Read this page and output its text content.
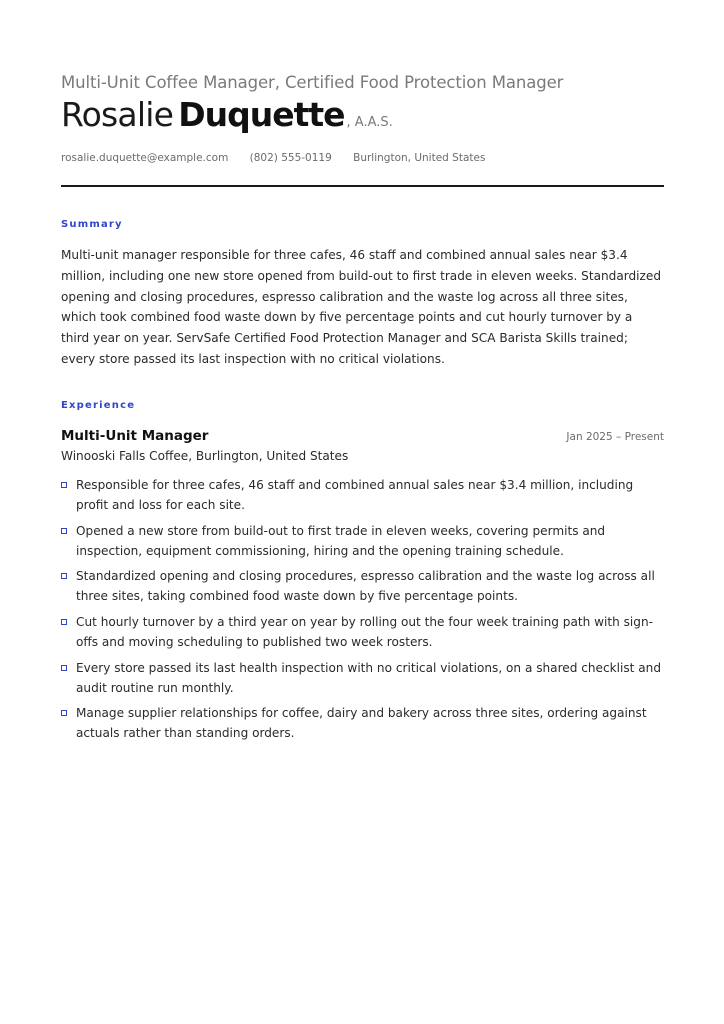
Multi-Unit Coffee Manager, Certified Food Protection Manager
Rosalie Duquette , A.A.S.
rosalie.duquette@example.com (802) 555-0119 Burlington, United States
Summary
Multi-unit manager responsible for three cafes, 46 staff and combined annual sales near $3.4 million, including one new store opened from build-out to first trade in eleven weeks. Standardized opening and closing procedures, espresso calibration and the waste log across all three sites, which took combined food waste down by five percentage points and cut hourly turnover by a third year on year. ServSafe Certified Food Protection Manager and SCA Barista Skills trained; every store passed its last inspection with no critical violations.
Experience
Multi-Unit Manager	Jan 2025 – Present
Winooski Falls Coffee, Burlington, United States
Responsible for three cafes, 46 staff and combined annual sales near $3.4 million, including profit and loss for each site.
Opened a new store from build-out to first trade in eleven weeks, covering permits and inspection, equipment commissioning, hiring and the opening training schedule.
Standardized opening and closing procedures, espresso calibration and the waste log across all three sites, taking combined food waste down by five percentage points.
Cut hourly turnover by a third year on year by rolling out the four week training path with sign-offs and moving scheduling to published two week rosters.
Every store passed its last health inspection with no critical violations, on a shared checklist and audit routine run monthly.
Manage supplier relationships for coffee, dairy and bakery across three sites, ordering against actuals rather than standing orders.
